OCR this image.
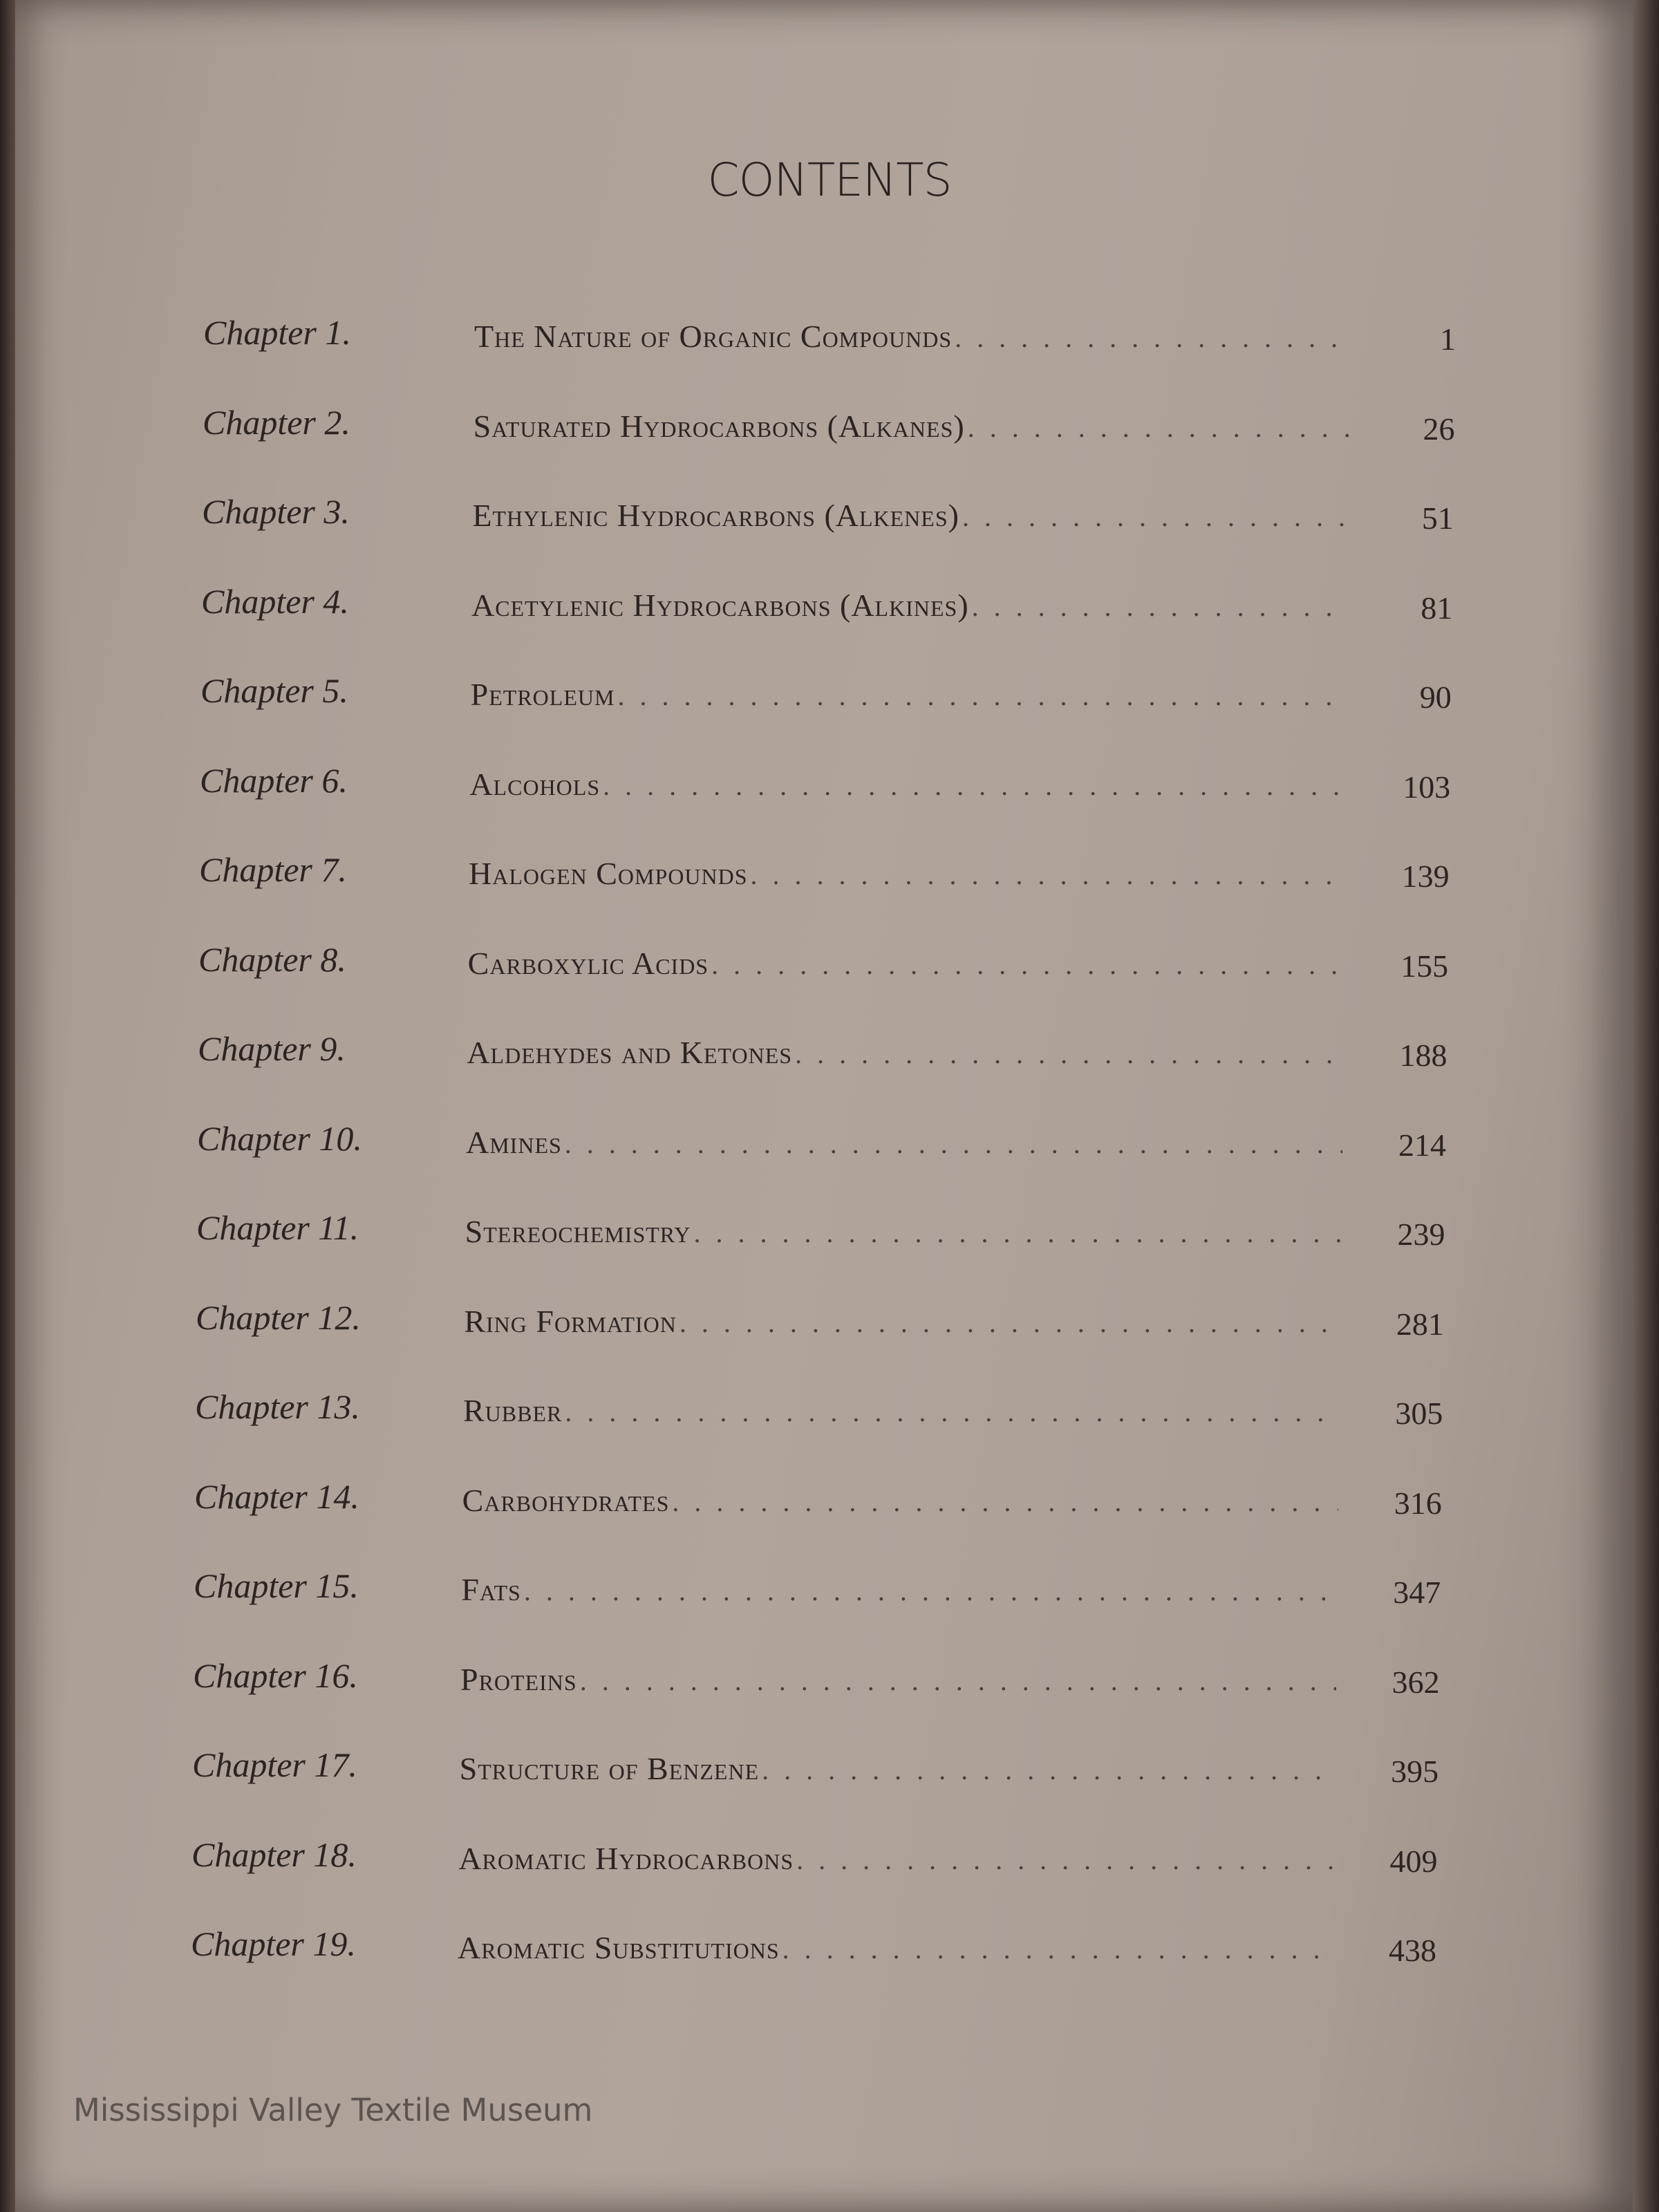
CONTENTS
Chapter 1.	The Nature of Organic Compounds . . .	1
Chapter 2.	Saturated Hydrocarbons (Alkanes) . . .	26
Chapter 3.	Ethylenic Hydrocarbons (Alkenes) . . .	51
Chapter 4.	Acetylenic Hydrocarbons (Alkines) . . .	81
Chapter 5.	Petroleum . . .	90
Chapter 6.	Alcohols . . .	103
Chapter 7.	Halogen Compounds . . .	139
Chapter 8.	Carboxylic Acids . . .	155
Chapter 9.	Aldehydes and Ketones . . .	188
Chapter 10.	Amines . . .	214
Chapter 11.	Stereochemistry . . .	239
Chapter 12.	Ring Formation . . .	281
Chapter 13.	Rubber . . .	305
Chapter 14.	Carbohydrates . . .	316
Chapter 15.	Fats . . .	347
Chapter 16.	Proteins . . .	362
Chapter 17.	Structure of Benzene . . .	395
Chapter 18.	Aromatic Hydrocarbons . . .	409
Chapter 19.	Aromatic Substitutions . . .	438
Mississippi Valley Textile Museum
